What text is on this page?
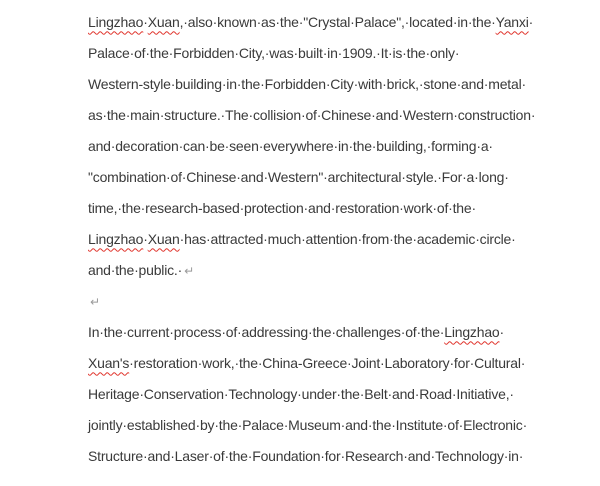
Lingzhao · Xuan ,·also·known·as·the·"Crystal·Palace",·located·in·the· Yanxi ·
Palace·of·the·Forbidden·City,·was·built·in·1909.·It·is·the·only·
Western-style·building·in·the·Forbidden·City·with·brick,·stone·and·metal·
as·the·main·structure.·The·collision·of·Chinese·and·Western·construction·
and·decoration·can·be·seen·everywhere·in·the·building,·forming·a·
"combination·of·Chinese·and·Western"·architectural·style.·For·a·long·
time,·the·research-based·protection·and·restoration·work·of·the·
Lingzhao · Xuan ·has·attracted·much·attention·from·the·academic·circle·
and·the·public.· ↵
↵
In·the·current·process·of·addressing·the·challenges·of·the· Lingzhao ·
Xuan's ·restoration·work,·the·China-Greece·Joint·Laboratory·for·Cultural·
Heritage·Conservation·Technology·under·the·Belt·and·Road·Initiative,·
jointly·established·by·the·Palace·Museum·and·the·Institute·of·Electronic·
Structure·and·Laser·of·the·Foundation·for·Research·and·Technology·in·
